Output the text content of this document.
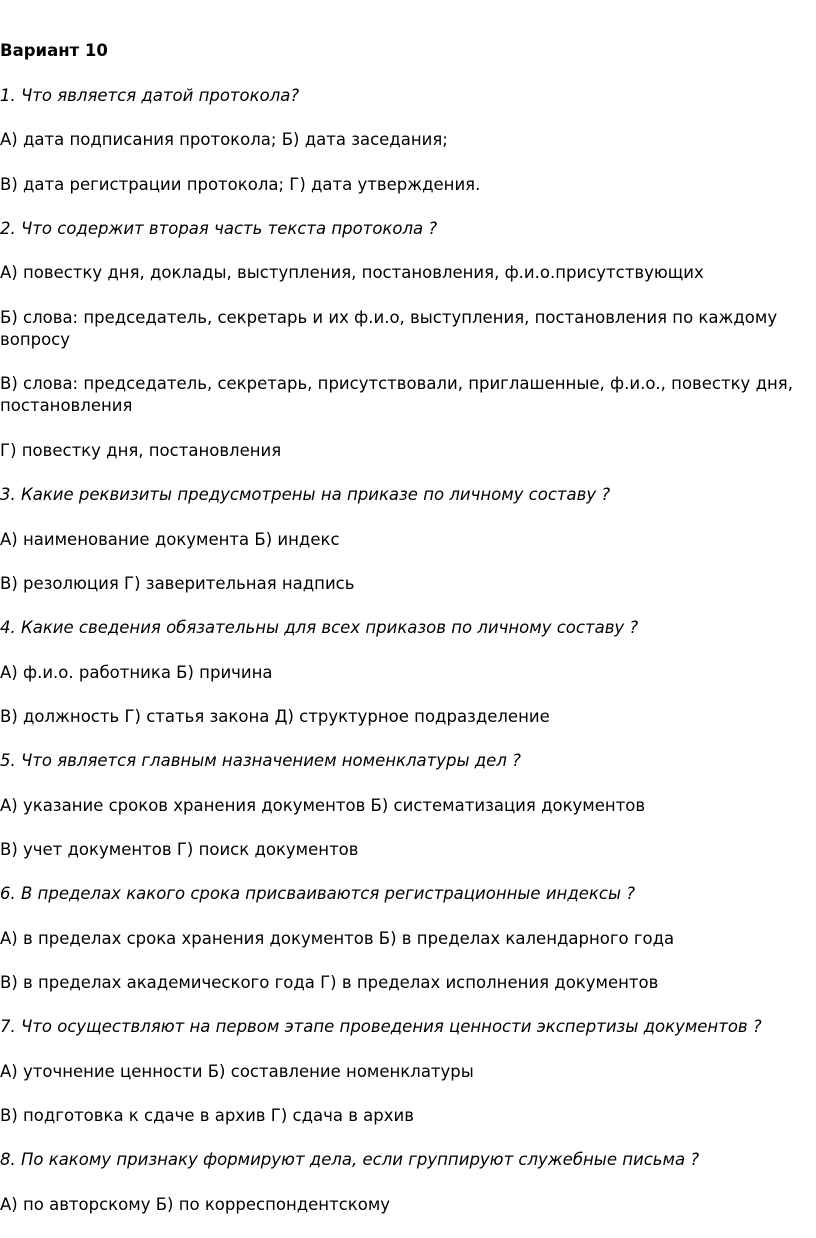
Вариант 10

1. Что является датой протокола?

А) дата подписания протокола; Б) дата заседания;

В) дата регистрации протокола; Г) дата утверждения.

2. Что содержит вторая часть текста протокола ?

А) повестку дня, доклады, выступления, постановления, ф.и.о.присутствующих

Б) слова: председатель, секретарь и их ф.и.о, выступления, постановления по каждому вопросу

В) слова: председатель, секретарь, присутствовали, приглашенные, ф.и.о., повестку дня, постановления

Г) повестку дня, постановления

3. Какие реквизиты предусмотрены на приказе по личному составу ?

А) наименование документа Б) индекс

В) резолюция Г) заверительная надпись

4. Какие сведения обязательны для всех приказов по личному составу ?

А) ф.и.о. работника Б) причина

В) должность Г) статья закона Д) структурное подразделение

5. Что является главным назначением номенклатуры дел ?

А) указание сроков хранения документов Б) систематизация документов

В) учет документов Г) поиск документов

6. В пределах какого срока присваиваются регистрационные индексы ?

А) в пределах срока хранения документов Б) в пределах календарного года

В) в пределах академического года Г) в пределах исполнения документов

7. Что осуществляют на первом этапе проведения ценности экспертизы документов ?

А) уточнение ценности Б) составление номенклатуры

В) подготовка к сдаче в архив Г) сдача в архив

8. По какому признаку формируют дела, если группируют служебные письма ?

А) по авторскому Б) по корреспондентскому
